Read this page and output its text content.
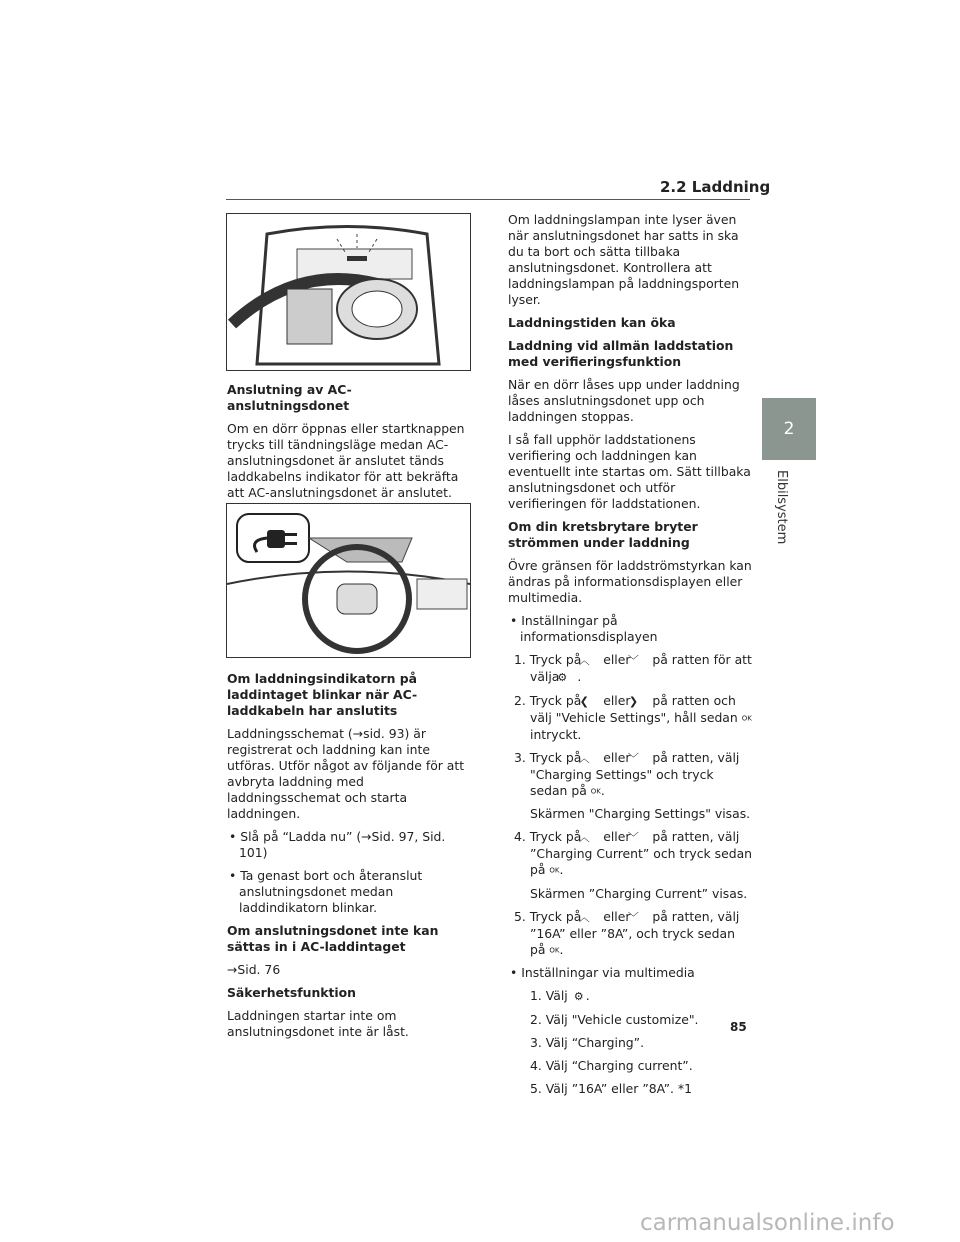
2.2 Laddning
2
Elbilsystem

Anslutning av AC-anslutningsdonet

Om en dörr öppnas eller startknappen trycks till tändningsläge medan AC-anslutningsdonet är anslutet tänds laddkabelns indikator för att bekräfta att AC-anslutningsdonet är anslutet.

Om laddningsindikatorn på laddintaget blinkar när AC-laddkabeln har anslutits

Laddningsschemat (→sid. 93) är registrerat och laddning kan inte utföras. Utför något av följande för att avbryta laddning med laddningsschemat och starta laddningen.

• Slå på “Ladda nu” (→Sid. 97, Sid. 101)

• Ta genast bort och återanslut anslutningsdonet medan laddindikatorn blinkar.

Om anslutningsdonet inte kan sättas in i AC-laddintaget

→Sid. 76

Säkerhetsfunktion

Laddningen startar inte om anslutningsdonet inte är låst.

Om laddningslampan inte lyser även när anslutningsdonet har satts in ska du ta bort och sätta tillbaka anslutningsdonet. Kontrollera att laddningslampan på laddningsporten lyser.

Laddningstiden kan öka

Laddning vid allmän laddstation med verifieringsfunktion

När en dörr låses upp under laddning låses anslutningsdonet upp och laddningen stoppas.

I så fall upphör laddstationens verifiering och laddningen kan eventuellt inte startas om. Sätt tillbaka anslutningsdonet och utför verifieringen för laddstationen.

Om din kretsbrytare bryter strömmen under laddning

Övre gränsen för laddströmstyrkan kan ändras på informationsdisplayen eller multimedia.

• Inställningar på informationsdisplayen

1. Tryck på ︿ eller ﹀ på ratten för att välja ⚙ .

2. Tryck på ❮ eller ❯ på ratten och välj "Vehicle Settings", håll sedan OK intryckt.

3. Tryck på ︿ eller ﹀ på ratten, välj "Charging Settings" och tryck sedan på OK.

Skärmen "Charging Settings" visas.

4. Tryck på ︿ eller ﹀ på ratten, välj ”Charging Current” och tryck sedan på OK.

Skärmen ”Charging Current” visas.

5. Tryck på ︿ eller ﹀ på ratten, välj ”16A” eller ”8A”, och tryck sedan på OK.

• Inställningar via multimedia

1. Välj ⚙ .

2. Välj "Vehicle customize".

3. Välj “Charging”.

4. Välj “Charging current”.

5. Välj ”16A” eller ”8A”. *1

85
carmanualsonline.info
